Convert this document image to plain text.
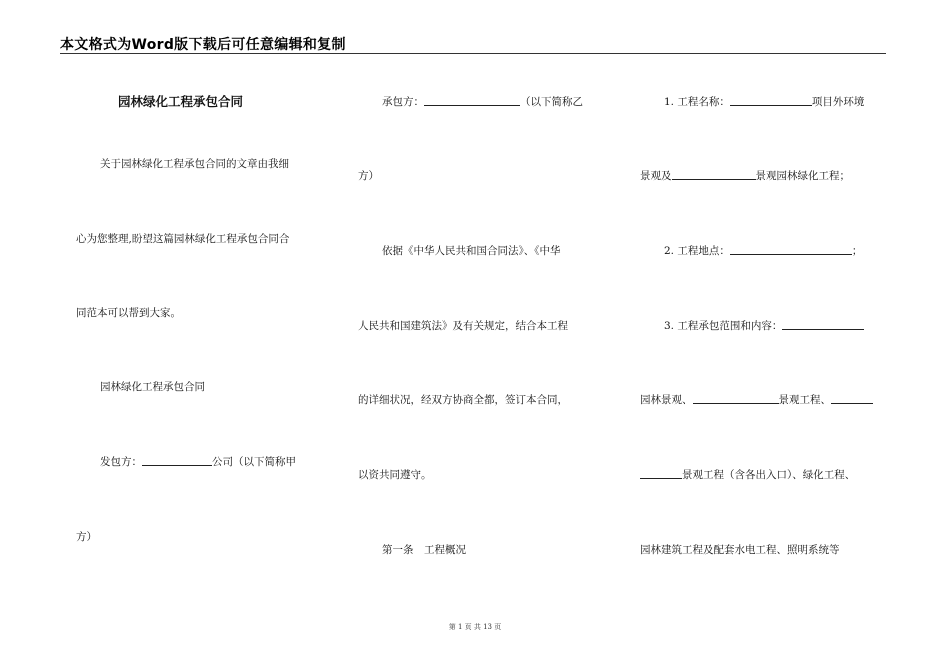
本文格式为Word版下载后可任意编辑和复制
园林绿化工程承包合同
关于园林绿化工程承包合同的文章由我细
心为您整理,盼望这篇园林绿化工程承包合同合
同范本可以帮到大家。
园林绿化工程承包合同
发包方：	公司（以下简称甲
方）
承包方：	（以下简称乙
方）
依据《中华人民共和国合同法》、《中华
人民共和国建筑法》及有关规定，结合本工程
的详细状况，经双方协商全都，签订本合同，
以资共同遵守。
第一条　工程概况
1. 工程名称：	项目外环境
景观及	景观园林绿化工程；
2. 工程地点：	；
3. 工程承包范围和内容：
园林景观、	景观工程、
景观工程（含各出入口）、绿化工程、
园林建筑工程及配套水电工程、照明系统等
第 1 页 共 13 页
